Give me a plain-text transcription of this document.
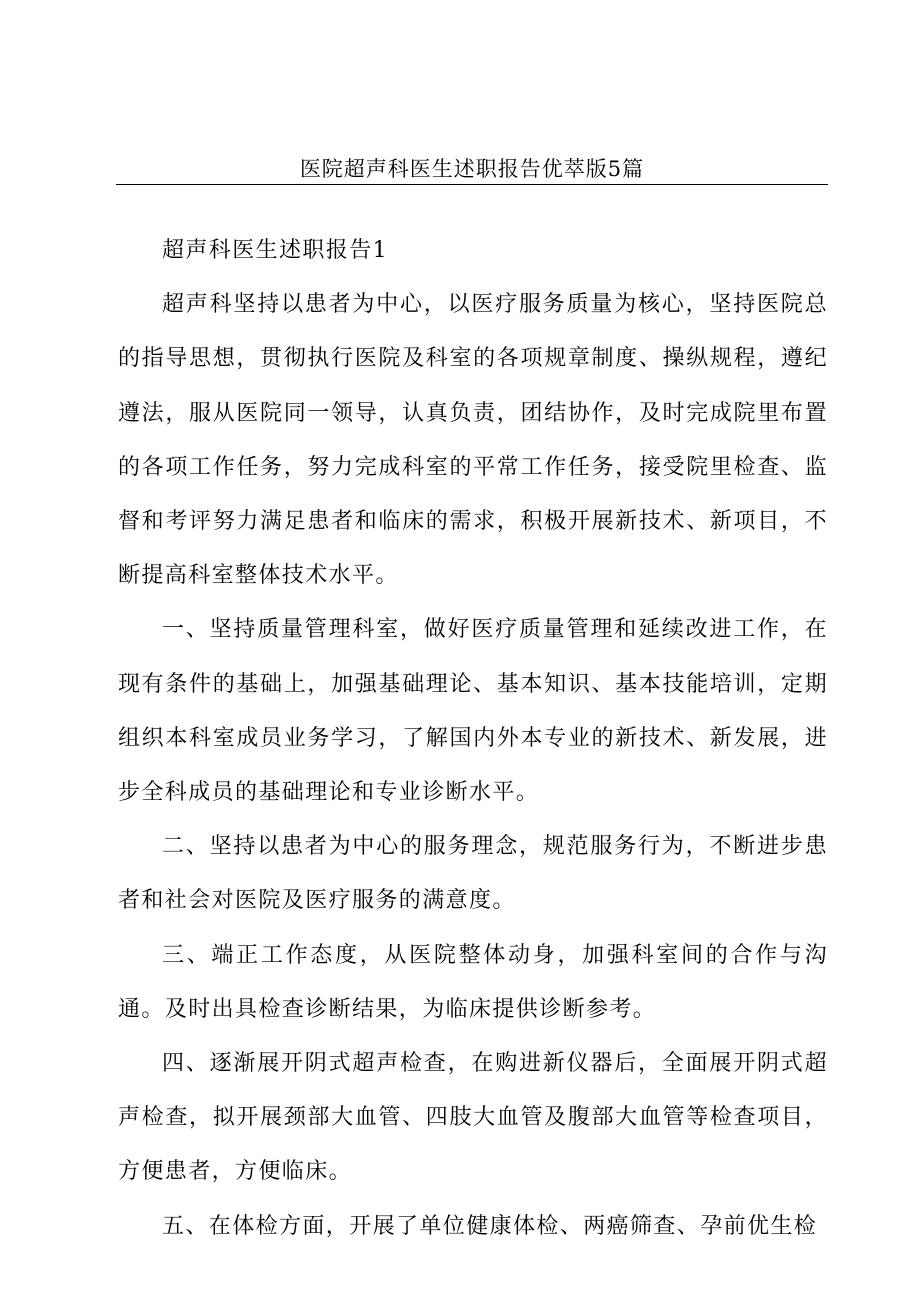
医院超声科医生述职报告优萃版5篇

超声科医生述职报告1

超声科坚持以患者为中心，以医疗服务质量为核心，坚持医院总的指导思想，贯彻执行医院及科室的各项规章制度、操纵规程，遵纪遵法，服从医院同一领导，认真负责，团结协作，及时完成院里布置的各项工作任务，努力完成科室的平常工作任务，接受院里检查、监督和考评努力满足患者和临床的需求，积极开展新技术、新项目，不断提高科室整体技术水平。

一、坚持质量管理科室，做好医疗质量管理和延续改进工作，在现有条件的基础上，加强基础理论、基本知识、基本技能培训，定期组织本科室成员业务学习，了解国内外本专业的新技术、新发展，进步全科成员的基础理论和专业诊断水平。

二、坚持以患者为中心的服务理念，规范服务行为，不断进步患者和社会对医院及医疗服务的满意度。

三、端正工作态度，从医院整体动身，加强科室间的合作与沟通。及时出具检查诊断结果，为临床提供诊断参考。

四、逐渐展开阴式超声检查，在购进新仪器后，全面展开阴式超声检查，拟开展颈部大血管、四肢大血管及腹部大血管等检查项目，方便患者，方便临床。

五、在体检方面，开展了单位健康体检、两癌筛查、孕前优生检
